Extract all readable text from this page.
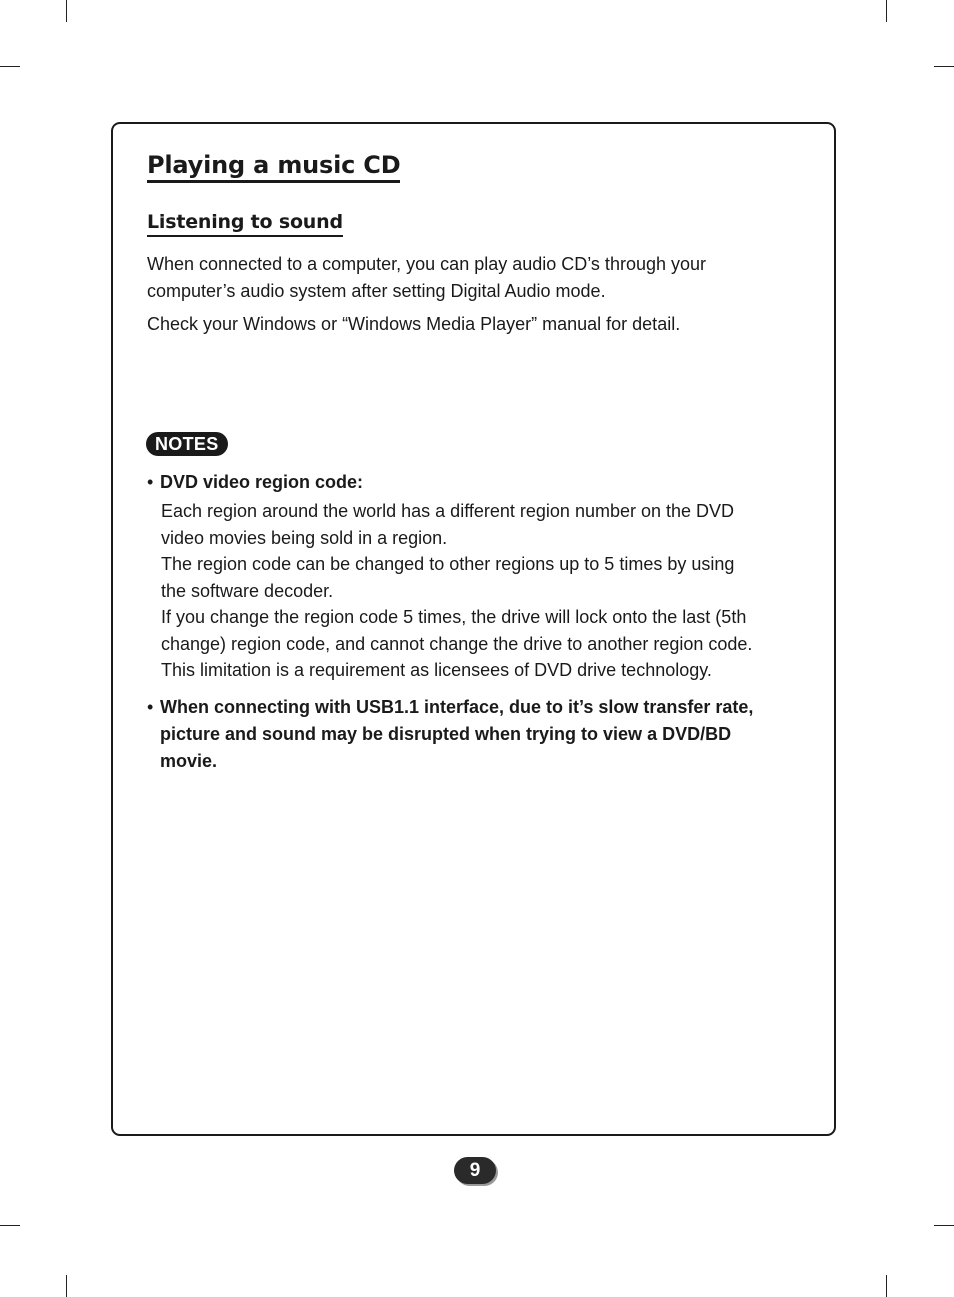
Playing a music CD
Listening to sound
When connected to a computer, you can play audio CD’s through your
computer’s audio system after setting Digital Audio mode.
Check your Windows or “Windows Media Player” manual for detail.
NOTES
• DVD video region code:
Each region around the world has a different region number on the DVD
video movies being sold in a region.
The region code can be changed to other regions up to 5 times by using
the software decoder.
If you change the region code 5 times, the drive will lock onto the last (5th
change) region code, and cannot change the drive to another region code.
This limitation is a requirement as licensees of DVD drive technology.
• When connecting with USB1.1 interface, due to it’s slow transfer rate,
picture and sound may be disrupted when trying to view a DVD/BD
movie.
9
